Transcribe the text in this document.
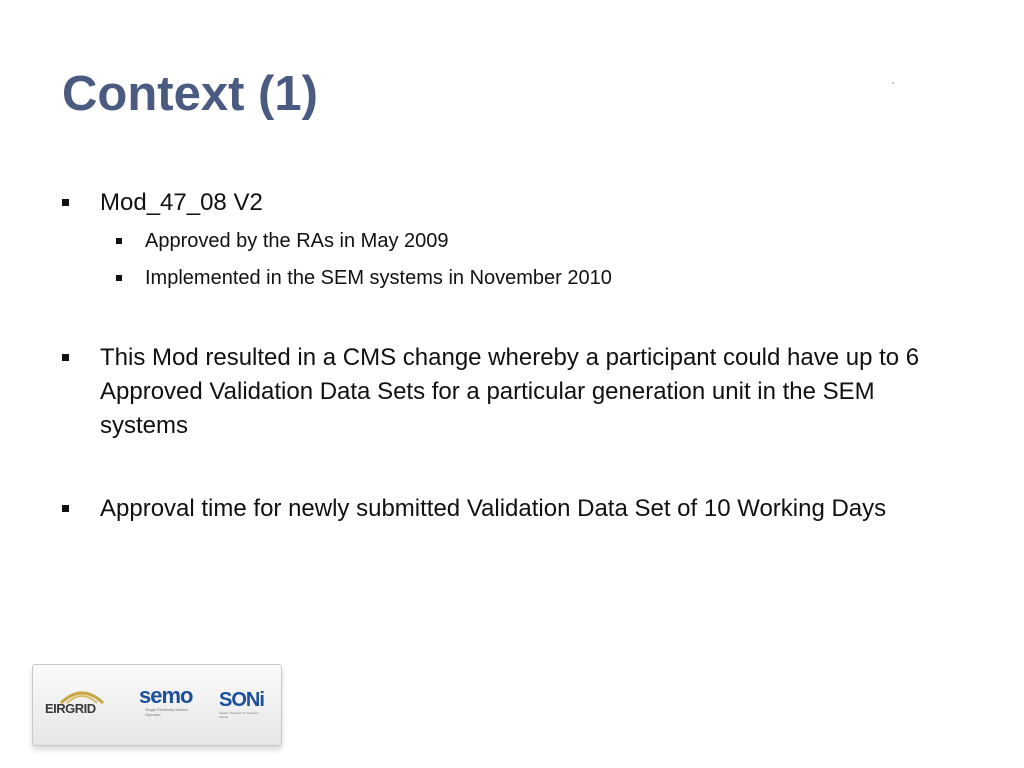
Context (1)
Mod_47_08 V2
Approved by the RAs in May 2009
Implemented in the SEM systems in November 2010
This Mod resulted in a CMS change whereby a participant could have up to 6 Approved Validation Data Sets for a particular generation unit in the SEM systems
Approval time for newly submitted Validation Data Set of 10 Working Days
EIRGRID
semo
Single Electricity Market Operator
SONi
System Operator for Northern Ireland
